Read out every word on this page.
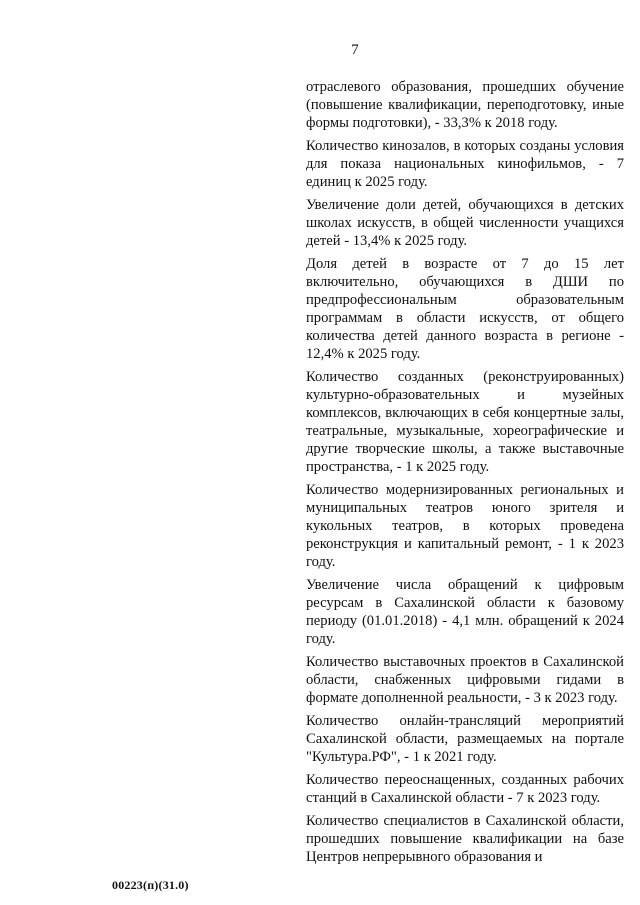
7

отраслевого образования, прошедших обучение (повышение квалификации, переподготовку, иные формы подготовки), - 33,3% к 2018 году.

Количество кинозалов, в которых созданы условия для показа национальных кинофильмов, - 7 единиц к 2025 году.

Увеличение доли детей, обучающихся в детских школах искусств, в общей численности учащихся детей - 13,4% к 2025 году.

Доля детей в возрасте от 7 до 15 лет включительно, обучающихся в ДШИ по предпрофессиональным образовательным программам в области искусств, от общего количества детей данного возраста в регионе - 12,4% к 2025 году.

Количество созданных (реконструированных) культурно-образовательных и музейных комплексов, включающих в себя концертные залы, театральные, музыкальные, хореографические и другие творческие школы, а также выставочные пространства, - 1 к 2025 году.

Количество модернизированных региональных и муниципальных театров юного зрителя и кукольных театров, в которых проведена реконструкция и капитальный ремонт, - 1 к 2023 году.

Увеличение числа обращений к цифровым ресурсам в Сахалинской области к базовому периоду (01.01.2018) - 4,1 млн. обращений к 2024 году.

Количество выставочных проектов в Сахалинской области, снабженных цифровыми гидами в формате дополненной реальности, - 3 к 2023 году.

Количество онлайн-трансляций мероприятий Сахалинской области, размещаемых на портале "Культура.РФ", - 1 к 2021 году.

Количество переоснащенных, созданных рабочих станций в Сахалинской области - 7 к 2023 году.

Количество специалистов в Сахалинской области, прошедших повышение квалификации на базе Центров непрерывного образования и

00223(п)(31.0)
